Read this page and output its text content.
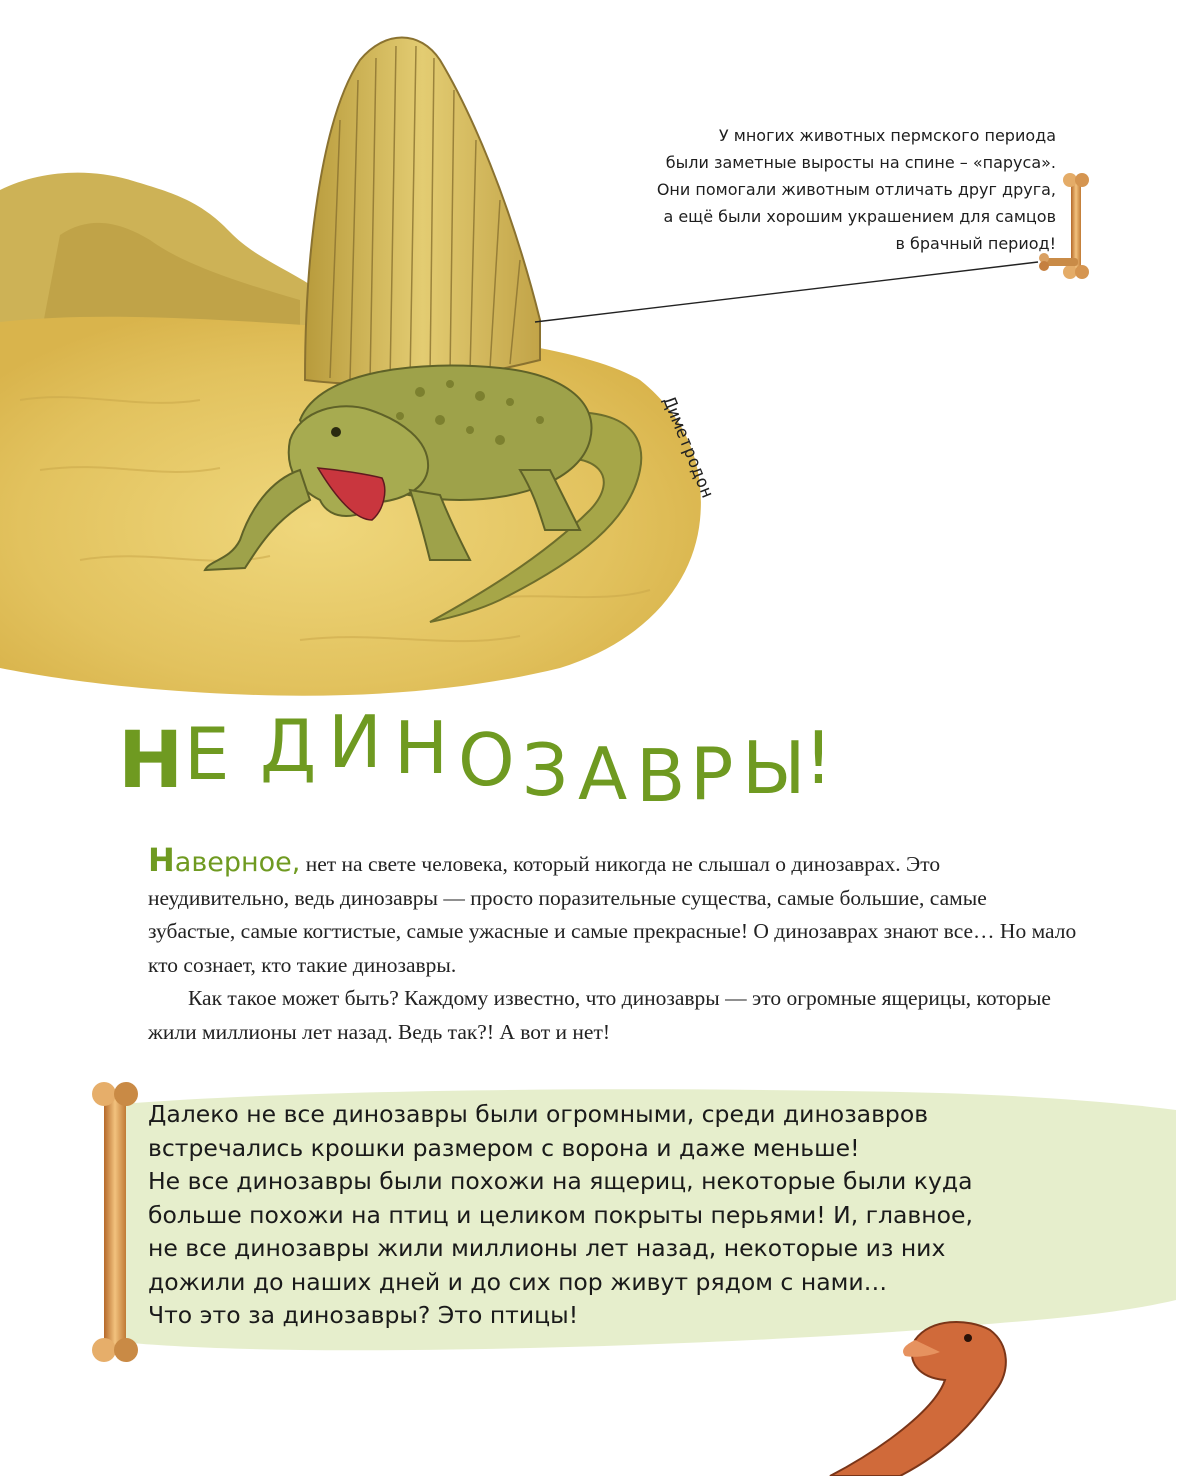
У многих животных пермского периода
были заметные выросты на спине – «паруса».
Они помогали животным отличать друг друга,
а ещё были хорошим украшением для самцов
в брачный период!
Диметродон
Н Е Д И Н О З А В Р Ы
!

Наверное, нет на свете человека, который никогда не слышал о динозаврах. Это неудивительно, ведь динозавры — просто поразительные существа, самые большие, самые зубастые, самые когтистые, самые ужасные и самые прекрасные! О динозаврах знают все… Но мало кто сознает, кто такие динозавры.

Как такое может быть? Каждому известно, что динозавры — это огромные ящерицы, которые жили миллионы лет назад. Ведь так?! А вот и нет!

Далеко не все динозавры были огромными, среди динозавров
встречались крошки размером с ворона и даже меньше!
Не все динозавры были похожи на ящериц, некоторые были куда
больше похожи на птиц и целиком покрыты перьями! И, главное,
не все динозавры жили миллионы лет назад, некоторые из них
дожили до наших дней и до сих пор живут рядом с нами…
Что это за динозавры? Это птицы!
